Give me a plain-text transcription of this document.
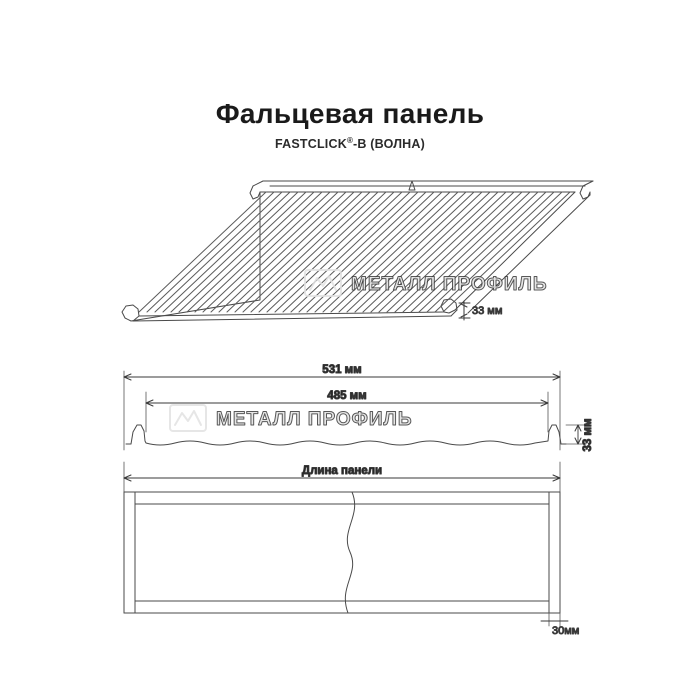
Фальцевая панель
FASTCLICK®-В (ВОЛНА)
33 мм
531 мм
485 мм
33 мм
Длина панели
30мм
МЕТАЛЛ ПРОФИЛЬ
МЕТАЛЛ ПРОФИЛЬ
